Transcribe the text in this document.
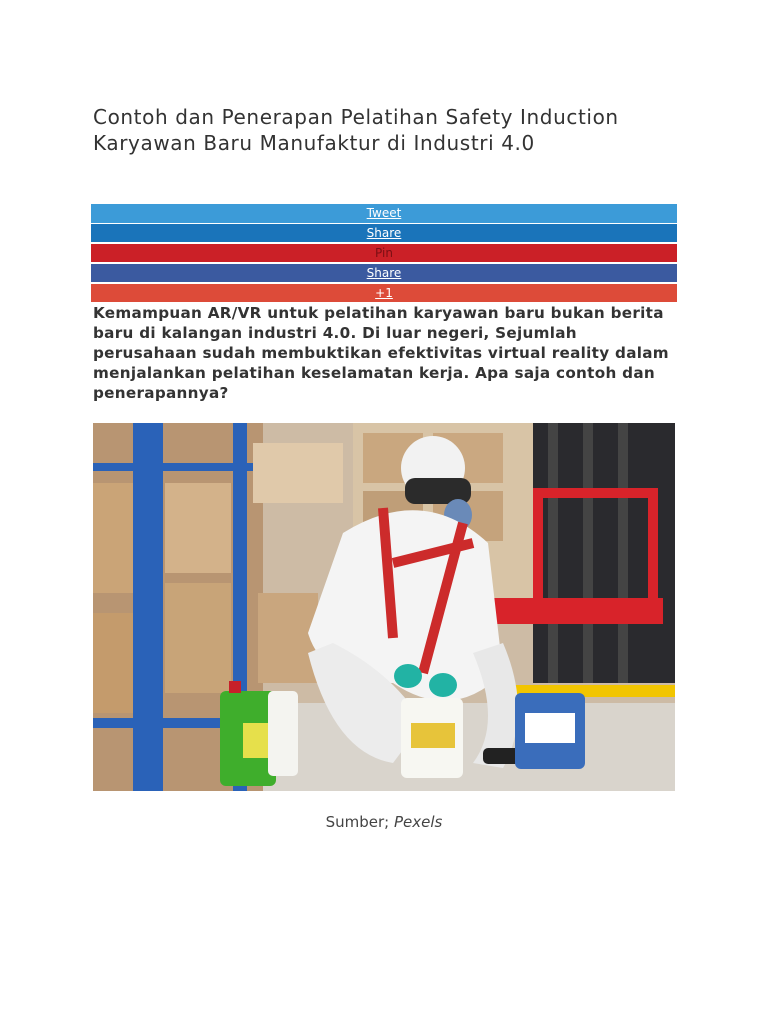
Contoh dan Penerapan Pelatihan Safety Induction Karyawan Baru Manufaktur di Industri 4.0
Tweet
Share
Pin
Share
+1

Kemampuan AR/VR untuk pelatihan karyawan baru bukan berita baru di kalangan industri 4.0. Di luar negeri, Sejumlah perusahaan sudah membuktikan efektivitas virtual reality dalam menjalankan pelatihan keselamatan kerja. Apa saja contoh dan penerapannya?

Sumber; Pexels
